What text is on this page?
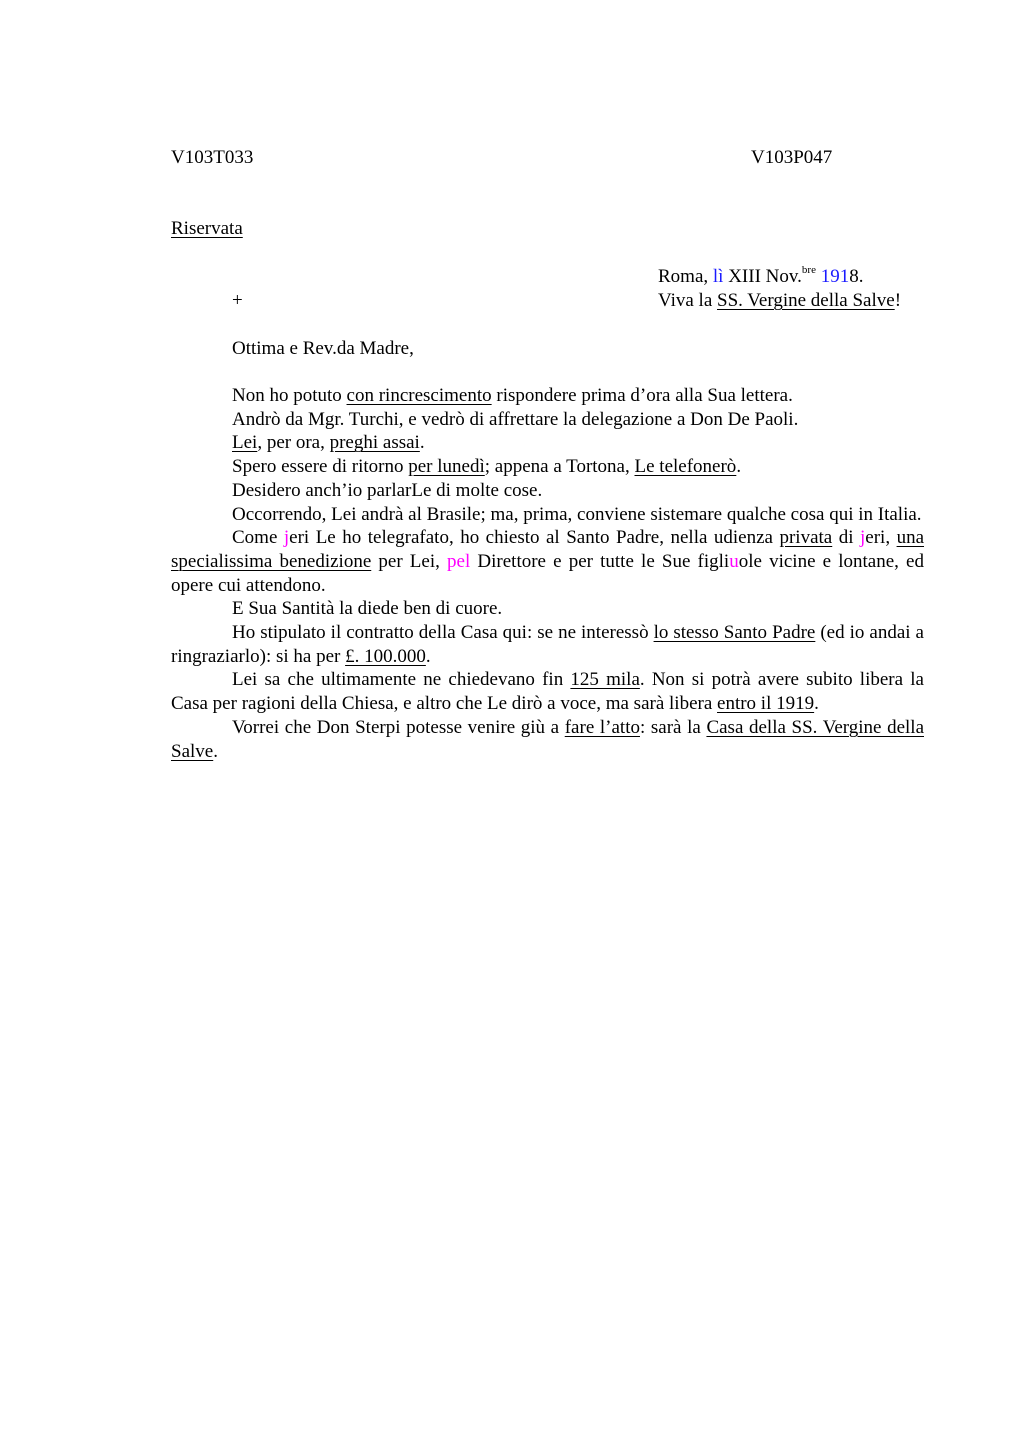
V103T033	V103P047
Riservata
Roma, lì XIII Nov.$^{bre}$ 1918.
+	Viva la SS. Vergine della Salve!
Ottima e Rev.da Madre,

Non ho potuto con rincrescimento rispondere prima d’ora alla Sua lettera.

Andrò da Mgr. Turchi, e vedrò di affrettare la delegazione a Don De Paoli.

Lei, per ora, preghi assai.

Spero essere di ritorno per lunedì; appena a Tortona, Le telefonerò.

Desidero anch’io parlarLe di molte cose.

Occorrendo, Lei andrà al Brasile; ma, prima, conviene sistemare qualche cosa qui in Italia.

Come jeri Le ho telegrafato, ho chiesto al Santo Padre, nella udienza privata di jeri, una specialissima benedizione per Lei, pel Direttore e per tutte le Sue figliuole vicine e lontane, ed opere cui attendono.

E Sua Santità la diede ben di cuore.

Ho stipulato il contratto della Casa qui: se ne interessò lo stesso Santo Padre (ed io andai a ringraziarlo): si ha per £. 100.000.

Lei sa che ultimamente ne chiedevano fin 125 mila. Non si potrà avere subito libera la Casa per ragioni della Chiesa, e altro che Le dirò a voce, ma sarà libera entro il 1919.

Vorrei che Don Sterpi potesse venire giù a fare l’atto: sarà la Casa della SS. Vergine della Salve.
